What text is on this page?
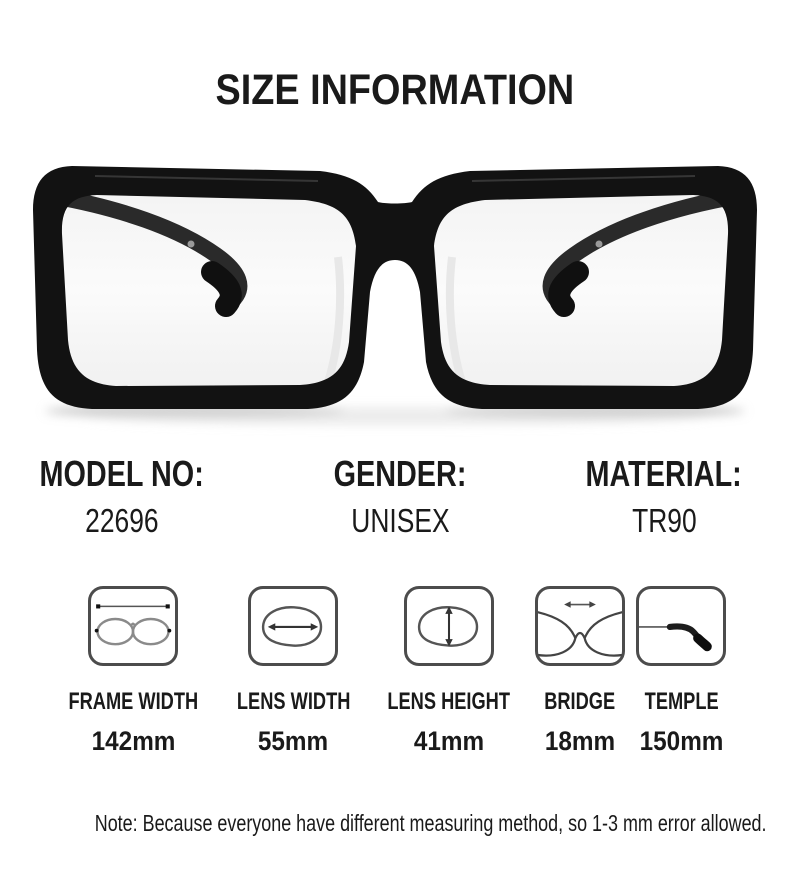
SIZE INFORMATION
MODEL NO:
22696
GENDER:
UNISEX
MATERIAL:
TR90
FRAME WIDTH
142mm
LENS WIDTH
55mm
LENS HEIGHT
41mm
BRIDGE
18mm
TEMPLE
150mm
Note: Because everyone have different measuring method, so 1-3 mm error allowed.
